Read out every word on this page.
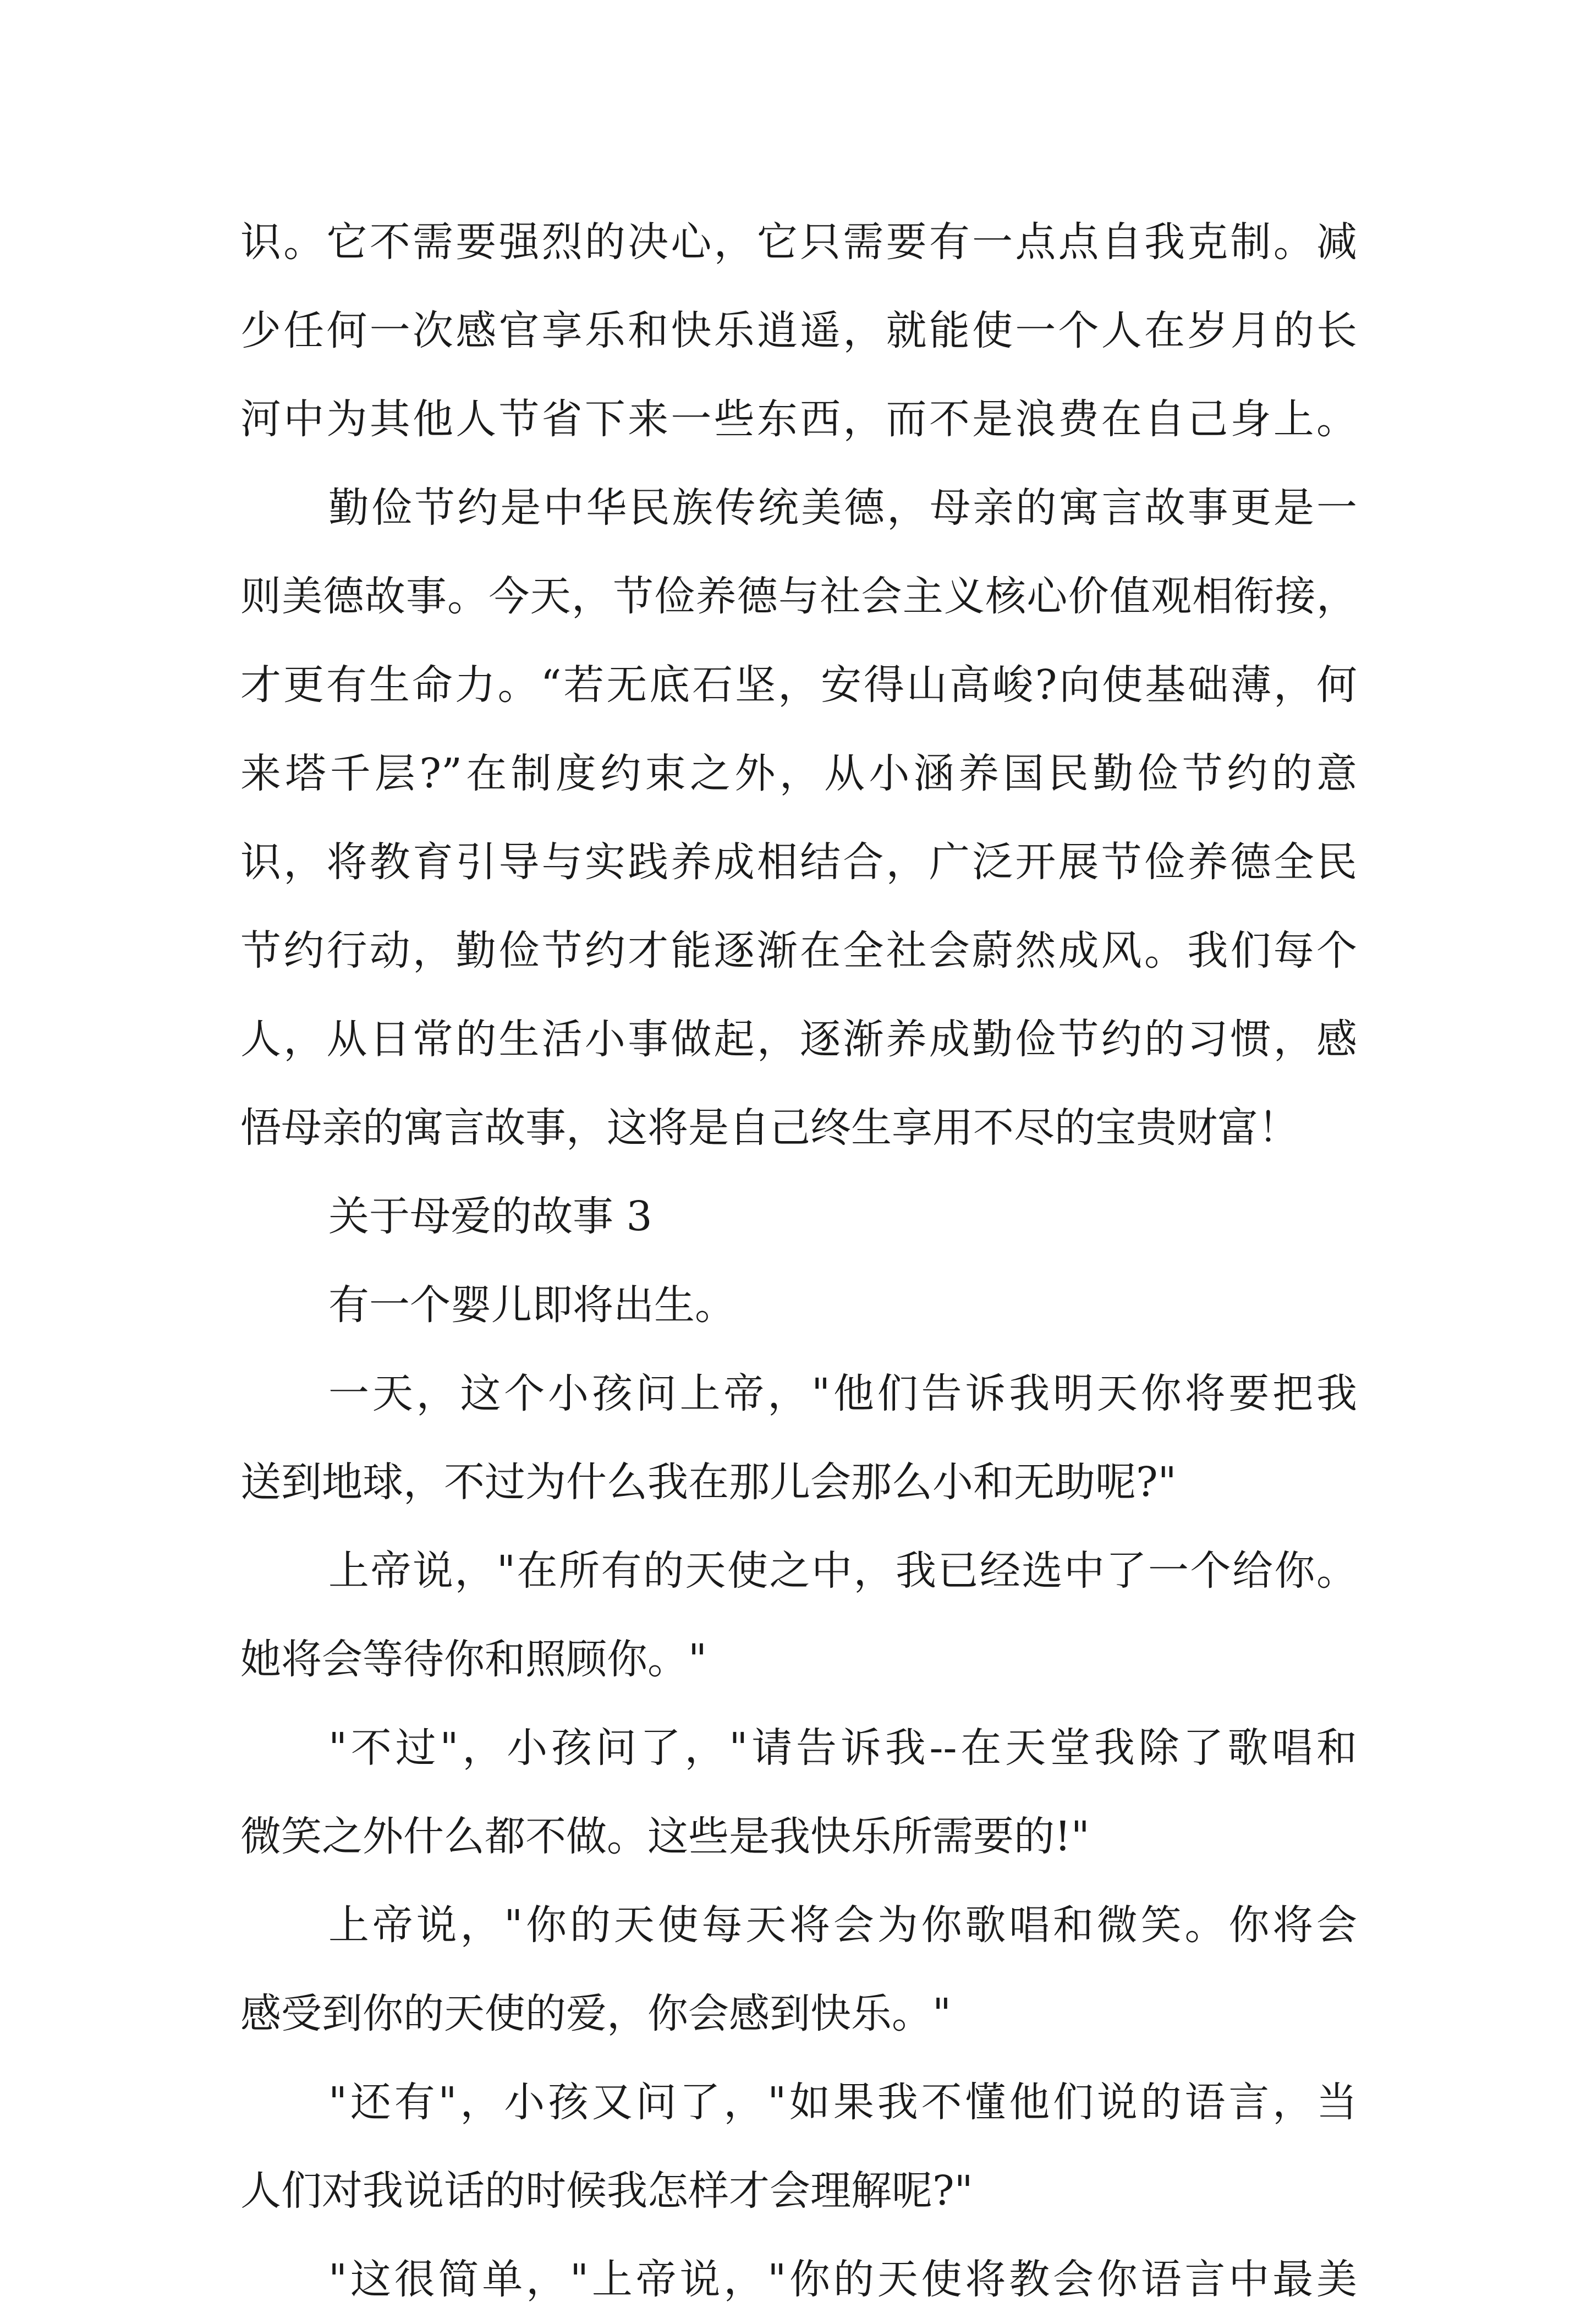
识。它不需要强烈的决心，它只需要有一点点自我克制。减
少任何一次感官享乐和快乐逍遥，就能使一个人在岁月的长
河中为其他人节省下来一些东西，而不是浪费在自己身上。
勤俭节约是中华民族传统美德，母亲的寓言故事更是一
则美德故事。今天，节俭养德与社会主义核心价值观相衔接，
才更有生命力。“若无底石坚，安得山高峻?向使基础薄，何
来塔千层?”在制度约束之外，从小涵养国民勤俭节约的意
识，将教育引导与实践养成相结合，广泛开展节俭养德全民
节约行动，勤俭节约才能逐渐在全社会蔚然成风。我们每个
人，从日常的生活小事做起，逐渐养成勤俭节约的习惯，感
悟母亲的寓言故事，这将是自己终生享用不尽的宝贵财富！
关于母爱的故事 3
有一个婴儿即将出生。
一天，这个小孩问上帝，"他们告诉我明天你将要把我
送到地球，不过为什么我在那儿会那么小和无助呢?"
上帝说，"在所有的天使之中，我已经选中了一个给你。
她将会等待你和照顾你。"
"不过"，小孩问了，"请告诉我--在天堂我除了歌唱和
微笑之外什么都不做。这些是我快乐所需要的!"
上帝说，"你的天使每天将会为你歌唱和微笑。你将会
感受到你的天使的爱，你会感到快乐。"
"还有"，小孩又问了，"如果我不懂他们说的语言，当
人们对我说话的时候我怎样才会理解呢?"
"这很简单，"上帝说，"你的天使将教会你语言中最美
